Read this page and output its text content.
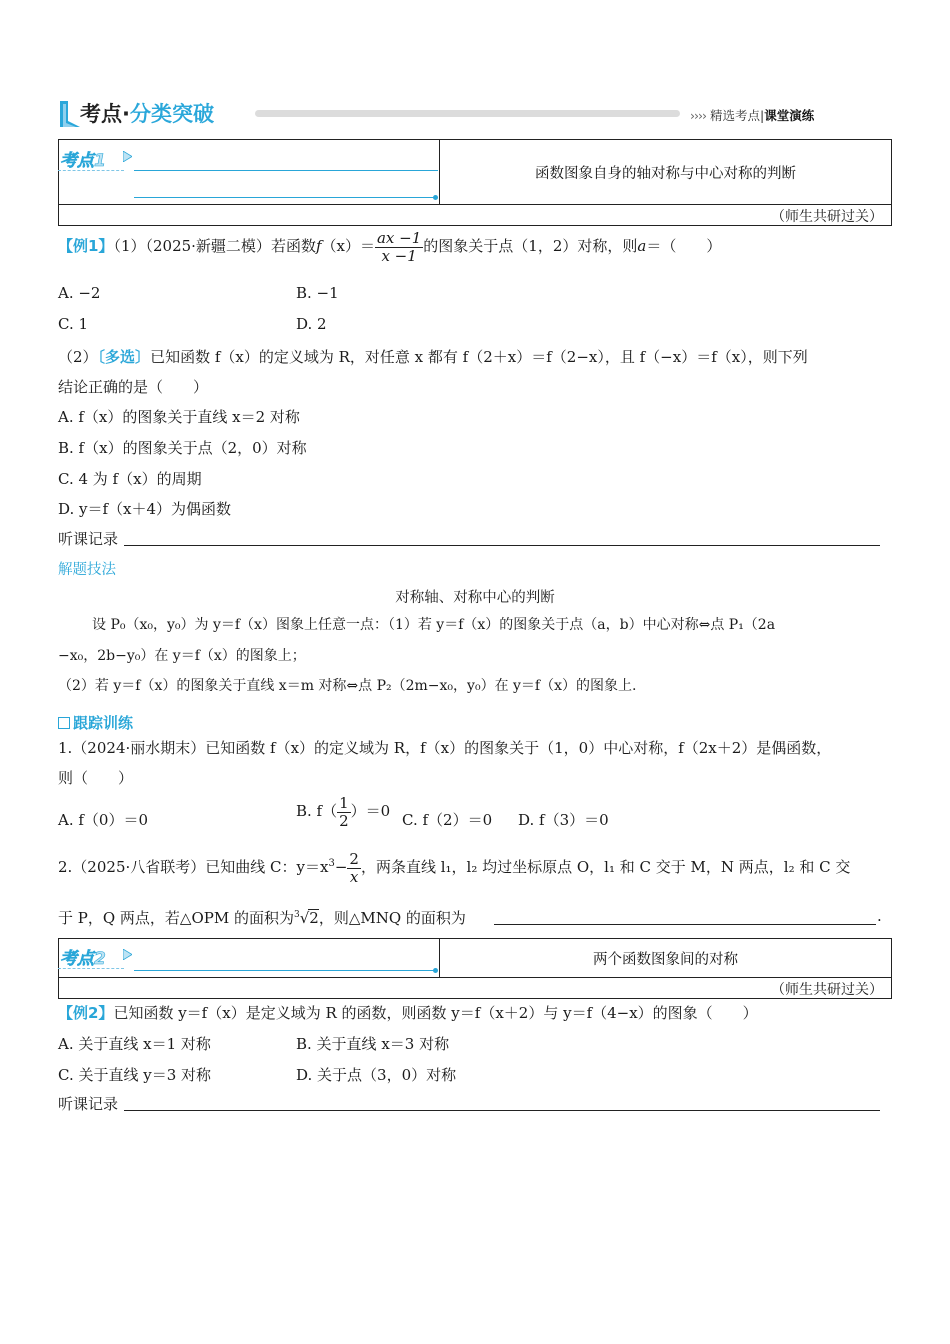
考点·分类突破	›››› 精选考点|课堂演练
函数图象自身的轴对称与中心对称的判断
（师生共研过关）
考点1
【例1】（1）（2025·新疆二模）若函数$f(x)= \frac{ax -1}{x -1}$ 的图象关于点（1，2）对称，则a＝（　　）
A. −2	B. −1
C. 1	D. 2
（2）〔多选〕已知函数 f（x）的定义域为 R，对任意 x 都有 f（2＋x）＝f（2−x），且 f（−x）＝f（x），则下列
结论正确的是（　　）
A. f（x）的图象关于直线 x＝2 对称
B. f（x）的图象关于点（2，0）对称
C. 4 为 f（x）的周期
D. y＝f（x＋4）为偶函数
听课记录
解题技法
对称轴、对称中心的判断
设 P₀（x₀，y₀）为 y＝f（x）图象上任意一点：（1）若 y＝f（x）的图象关于点（a，b）中心对称⇔点 P₁（2a
−x₀，2b−y₀）在 y＝f（x）的图象上；
（2）若 y＝f（x）的图象关于直线 x＝m 对称⇔点 P₂（2m−x₀，y₀）在 y＝f（x）的图象上.
跟踪训练
1.（2024·丽水期末）已知函数 f（x）的定义域为 R，f（x）的图象关于（1，0）中心对称，f（2x＋2）是偶函数，
则（　　）
A. f（0）＝0	B. $f( \frac{1}{2} )=0$ C. f（2）＝0 D. f（3）＝0
2.（2025·八省联考）已知曲线 C：$y=x^3- \frac{2}{x}$ ，两条直线 l₁，l₂ 均过坐标原点 O，l₁ 和 C 交于 M，N 两点，l₂ 和 C 交
于 P，Q 两点，若△OPM 的面积为$^3$√2，则△MNQ 的面积为	.
两个函数图象间的对称
（师生共研过关）
考点2
【例2】已知函数 y＝f（x）是定义域为 R 的函数，则函数 y＝f（x＋2）与 y＝f（4−x）的图象（　　）
A. 关于直线 x＝1 对称	B. 关于直线 x＝3 对称
C. 关于直线 y＝3 对称	D. 关于点（3，0）对称
听课记录
